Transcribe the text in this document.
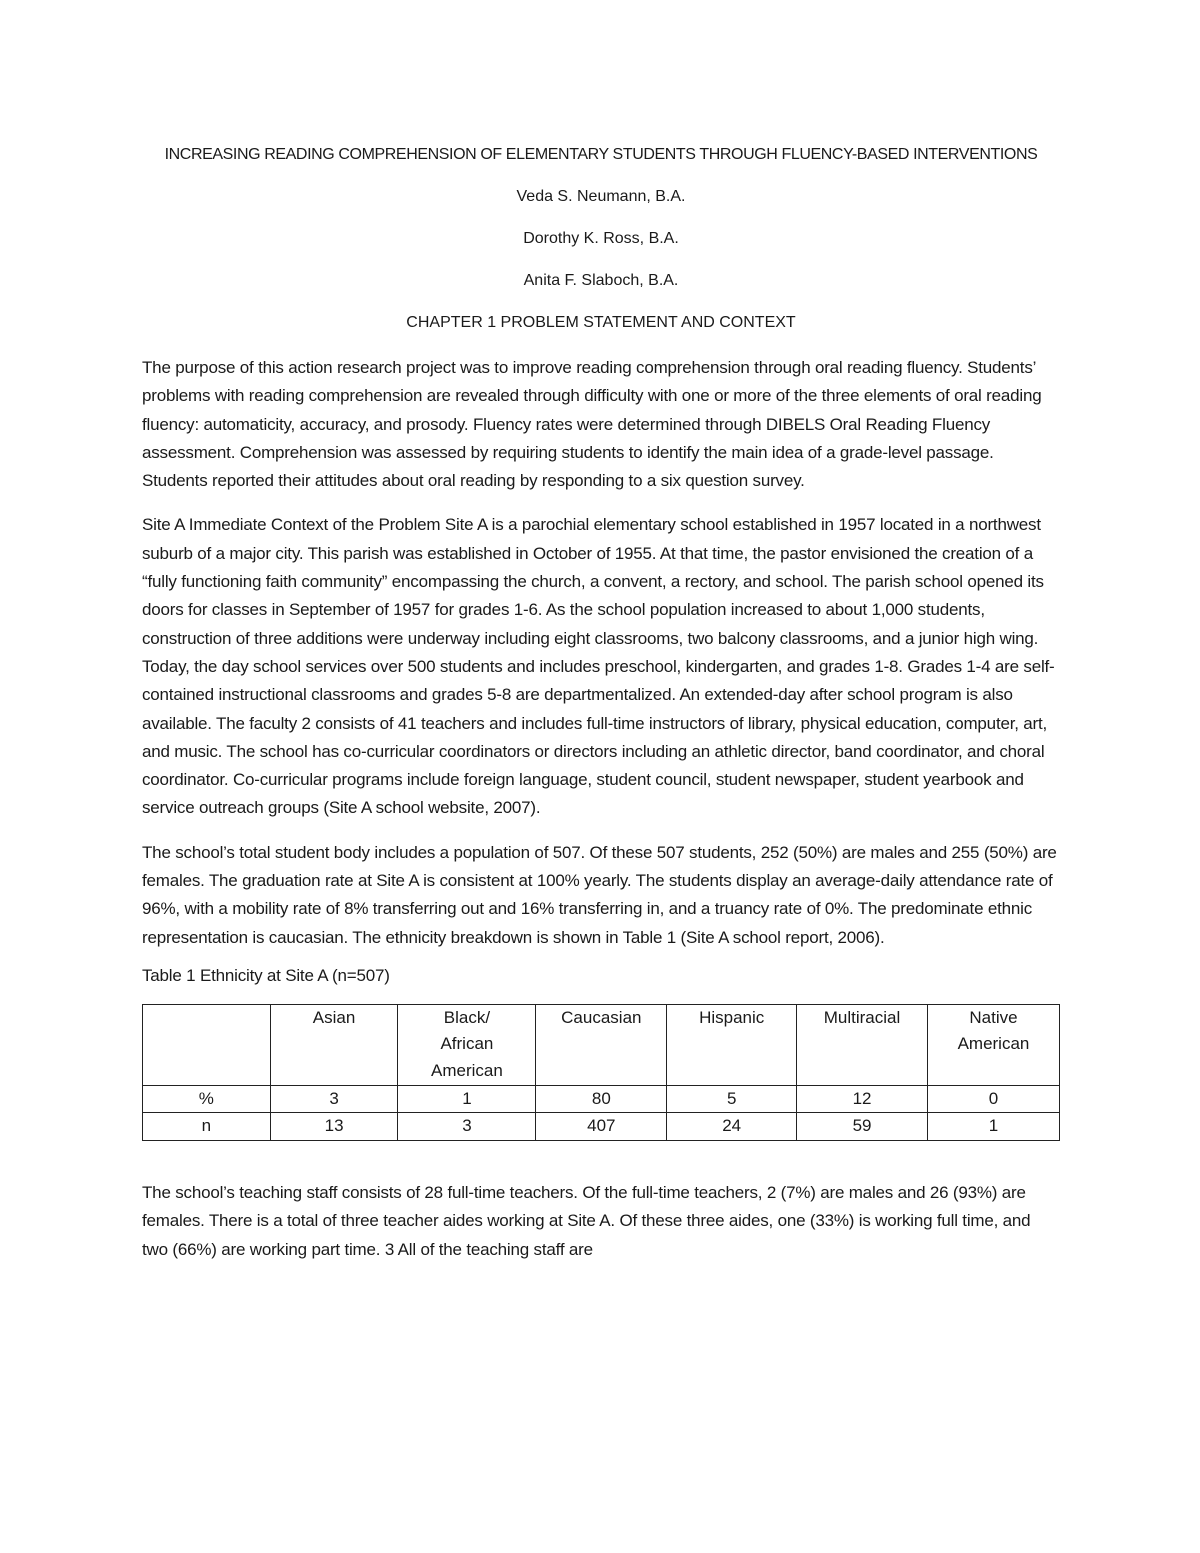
INCREASING READING COMPREHENSION OF ELEMENTARY STUDENTS THROUGH FLUENCY-BASED INTERVENTIONS

Veda S. Neumann, B.A.

Dorothy K. Ross, B.A.

Anita F. Slaboch, B.A.

CHAPTER 1 PROBLEM STATEMENT AND CONTEXT

The purpose of this action research project was to improve reading comprehension through oral reading fluency. Students’ problems with reading comprehension are revealed through difficulty with one or more of the three elements of oral reading fluency: automaticity, accuracy, and prosody. Fluency rates were determined through DIBELS Oral Reading Fluency assessment. Comprehension was assessed by requiring students to identify the main idea of a grade-level passage. Students reported their attitudes about oral reading by responding to a six question survey.

Site A Immediate Context of the Problem Site A is a parochial elementary school established in 1957 located in a northwest suburb of a major city. This parish was established in October of 1955. At that time, the pastor envisioned the creation of a “fully functioning faith community” encompassing the church, a convent, a rectory, and school. The parish school opened its doors for classes in September of 1957 for grades 1-6. As the school population increased to about 1,000 students, construction of three additions were underway including eight classrooms, two balcony classrooms, and a junior high wing. Today, the day school services over 500 students and includes preschool, kindergarten, and grades 1-8. Grades 1-4 are self-contained instructional classrooms and grades 5-8 are departmentalized. An extended-day after school program is also available. The faculty 2 consists of 41 teachers and includes full-time instructors of library, physical education, computer, art, and music. The school has co-curricular coordinators or directors including an athletic director, band coordinator, and choral coordinator. Co-curricular programs include foreign language, student council, student newspaper, student yearbook and service outreach groups (Site A school website, 2007).

The school’s total student body includes a population of 507. Of these 507 students, 252 (50%) are males and 255 (50%) are females. The graduation rate at Site A is consistent at 100% yearly. The students display an average-daily attendance rate of 96%, with a mobility rate of 8% transferring out and 16% transferring in, and a truancy rate of 0%. The predominate ethnic representation is caucasian. The ethnicity breakdown is shown in Table 1 (Site A school report, 2006).

Table 1 Ethnicity at Site A (n=507)

	Asian	Black/ African American	Caucasian	Hispanic	Multiracial	Native American
%	3	1	80	5	12	0
n	13	3	407	24	59	1

The school’s teaching staff consists of 28 full-time teachers. Of the full-time teachers, 2 (7%) are males and 26 (93%) are females. There is a total of three teacher aides working at Site A. Of these three aides, one (33%) is working full time, and two (66%) are working part time. 3 All of the teaching staff are
